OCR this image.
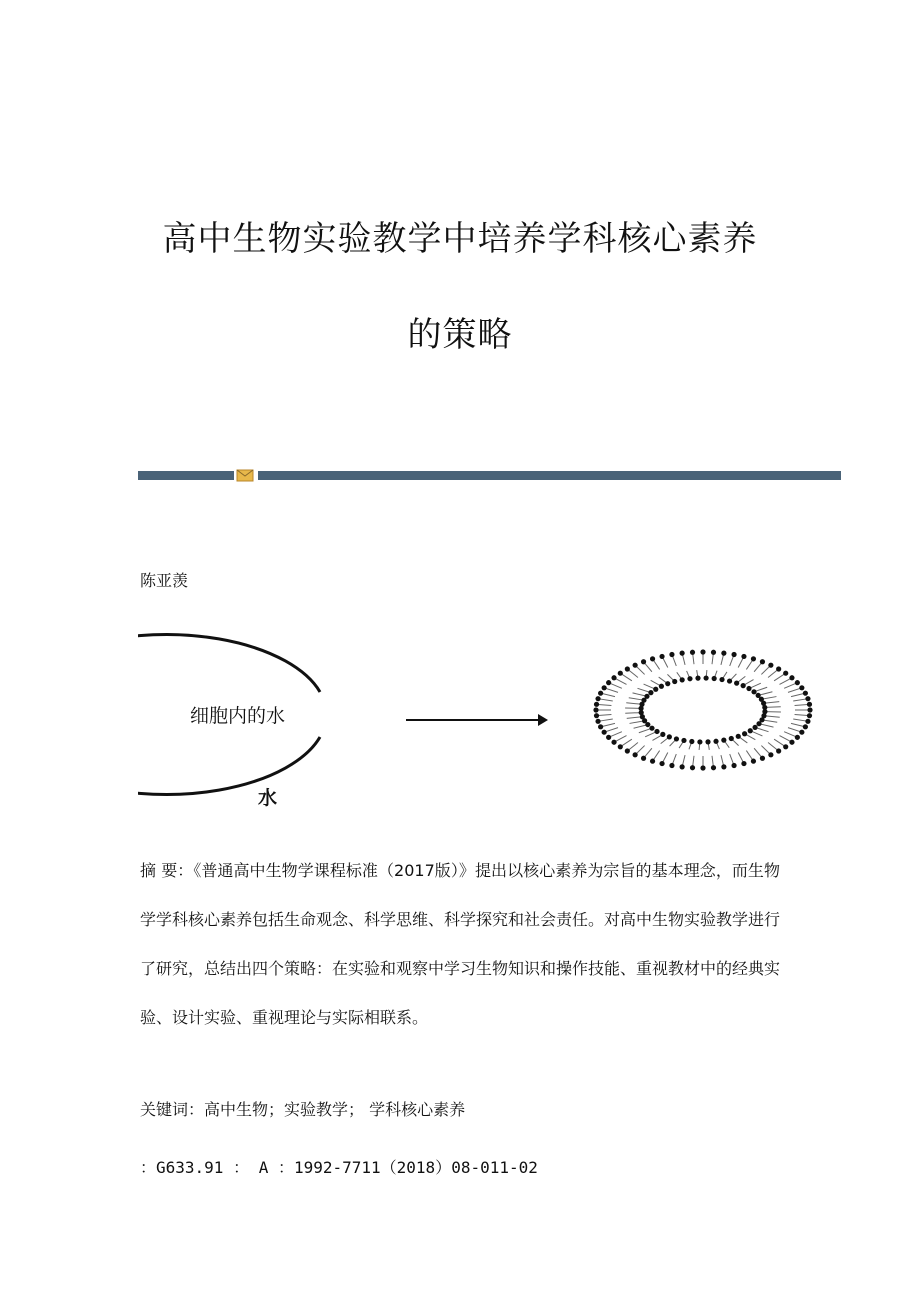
高中生物实验教学中培养学科核心素养
的策略
陈亚羡
细胞内的水
水
摘 要：《普通高中生物学课程标准（2017版）》提出以核心素养为宗旨的基本理念，而生物学学科核心素养包括生命观念、科学思维、科学探究和社会责任。对高中生物实验教学进行了研究，总结出四个策略：在实验和观察中学习生物知识和操作技能、重视教材中的经典实验、设计实验、重视理论与实际相联系。
关键词：高中生物；实验教学； 学科核心素养
：G633.91 ： A ：1992-7711（2018）08-011-02
